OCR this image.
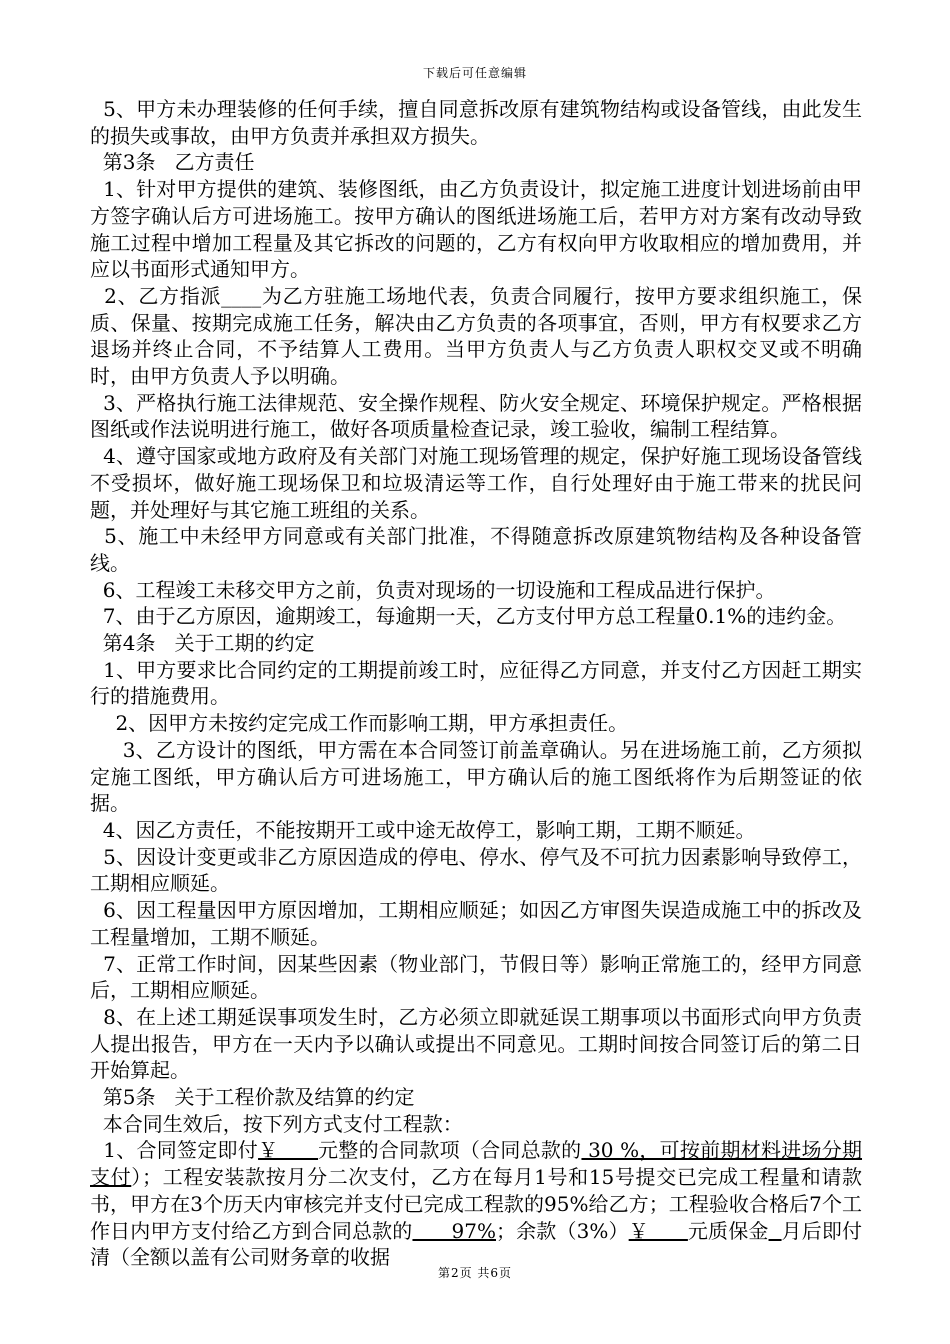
下载后可任意编辑

5、甲方未办理装修的任何手续，擅自同意拆改原有建筑物结构或设备管线，由此发生的损失或事故，由甲方负责并承担双方损失。

第3条   乙方责任

1、针对甲方提供的建筑、装修图纸，由乙方负责设计，拟定施工进度计划进场前由甲方签字确认后方可进场施工。按甲方确认的图纸进场施工后，若甲方对方案有改动导致施工过程中增加工程量及其它拆改的问题的，乙方有权向甲方收取相应的增加费用，并应以书面形式通知甲方。

2、乙方指派____为乙方驻施工场地代表，负责合同履行，按甲方要求组织施工，保质、保量、按期完成施工任务，解决由乙方负责的各项事宜，否则，甲方有权要求乙方退场并终止合同，不予结算人工费用。当甲方负责人与乙方负责人职权交叉或不明确时，由甲方负责人予以明确。

3、严格执行施工法律规范、安全操作规程、防火安全规定、环境保护规定。严格根据图纸或作法说明进行施工，做好各项质量检查记录，竣工验收，编制工程结算。

4、遵守国家或地方政府及有关部门对施工现场管理的规定，保护好施工现场设备管线不受损坏，做好施工现场保卫和垃圾清运等工作，自行处理好由于施工带来的扰民问题，并处理好与其它施工班组的关系。

5、施工中未经甲方同意或有关部门批准，不得随意拆改原建筑物结构及各种设备管线。

6、工程竣工未移交甲方之前，负责对现场的一切设施和工程成品进行保护。

7、由于乙方原因，逾期竣工，每逾期一天，乙方支付甲方总工程量0.1%的违约金。

第4条   关于工期的约定

1、甲方要求比合同约定的工期提前竣工时，应征得乙方同意，并支付乙方因赶工期实行的措施费用。

2、因甲方未按约定完成工作而影响工期，甲方承担责任。

3、乙方设计的图纸，甲方需在本合同签订前盖章确认。另在进场施工前，乙方须拟定施工图纸，甲方确认后方可进场施工，甲方确认后的施工图纸将作为后期签证的依据。

4、因乙方责任，不能按期开工或中途无故停工，影响工期，工期不顺延。

5、因设计变更或非乙方原因造成的停电、停水、停气及不可抗力因素影响导致停工，工期相应顺延。

6、因工程量因甲方原因增加，工期相应顺延；如因乙方审图失误造成施工中的拆改及工程量增加，工期不顺延。

7、正常工作时间，因某些因素（物业部门，节假日等）影响正常施工的，经甲方同意后，工期相应顺延。

8、在上述工期延误事项发生时，乙方必须立即就延误工期事项以书面形式向甲方负责人提出报告，甲方在一天内予以确认或提出不同意见。工期时间按合同签订后的第二日开始算起。

第5条   关于工程价款及结算的约定

本合同生效后，按下列方式支付工程款：

1、合同签定即付￥      元整的合同款项（合同总款的 30 %，可按前期材料进场分期支付）；工程安装款按月分二次支付，乙方在每月1号和15号提交已完成工程量和请款书，甲方在3个历天内审核完并支付已完成工程款的95%给乙方；工程验收合格后7个工作日内甲方支付给乙方到合同总款的      97%；余款（3%）￥      元质保金 月后即付清（全额以盖有公司财务章的收据

第2页 共6页
